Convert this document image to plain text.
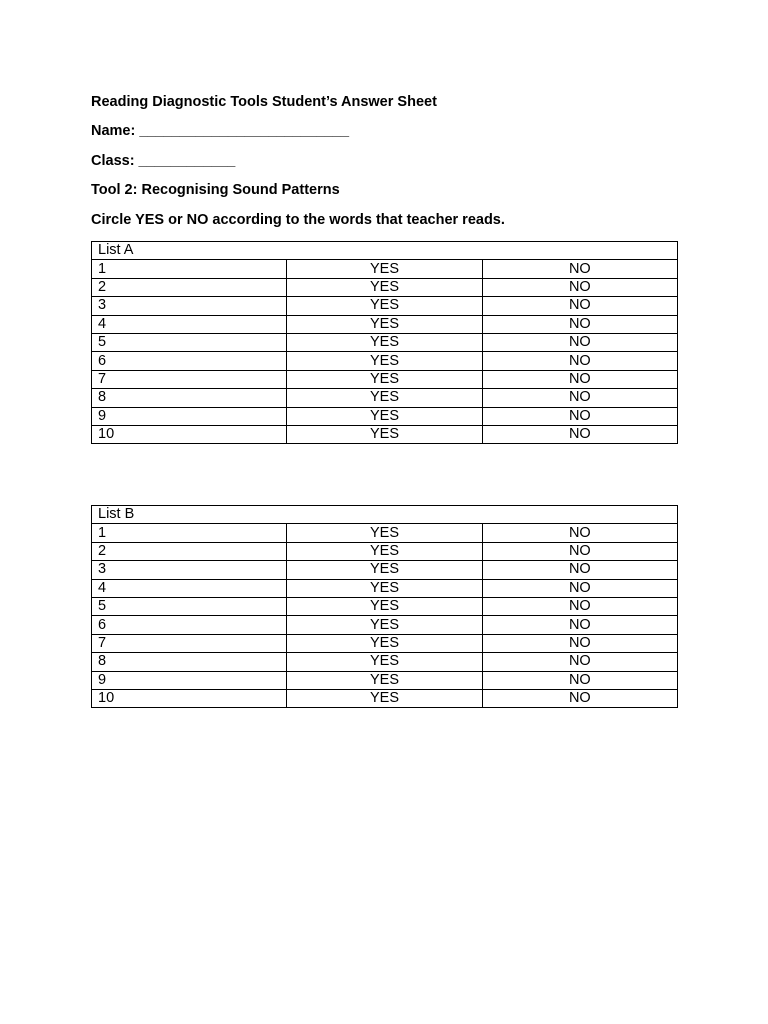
Reading Diagnostic Tools Student’s Answer Sheet
Name: __________________________
Class: ____________
Tool 2: Recognising Sound Patterns
Circle YES or NO according to the words that teacher reads.
List A		
1	YES	NO
2	YES	NO
3	YES	NO
4	YES	NO
5	YES	NO
6	YES	NO
7	YES	NO
8	YES	NO
9	YES	NO
10	YES	NO
List B		
1	YES	NO
2	YES	NO
3	YES	NO
4	YES	NO
5	YES	NO
6	YES	NO
7	YES	NO
8	YES	NO
9	YES	NO
10	YES	NO
